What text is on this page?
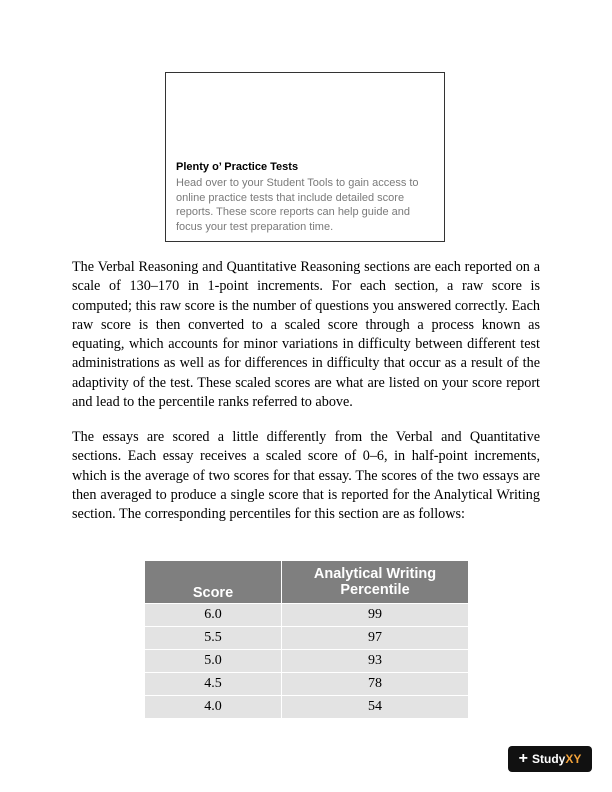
Plenty o’ Practice Tests
Head over to your Student Tools to gain access to online practice tests that include detailed score reports. These score reports can help guide and focus your test preparation time.

The Verbal Reasoning and Quantitative Reasoning sections are each reported on a scale of 130–170 in 1-point increments. For each section, a raw score is computed; this raw score is the number of questions you answered correctly. Each raw score is then converted to a scaled score through a process known as equating, which accounts for minor variations in difficulty between different test administrations as well as for differences in difficulty that occur as a result of the adaptivity of the test. These scaled scores are what are listed on your score report and lead to the percentile ranks referred to above.

The essays are scored a little differently from the Verbal and Quantitative sections. Each essay receives a scaled score of 0–6, in half-point increments, which is the average of two scores for that essay. The scores of the two essays are then averaged to produce a single score that is reported for the Analytical Writing section. The corresponding percentiles for this section are as follows:

Score	Analytical Writing Percentile
6.0	99
5.5	97
5.0	93
4.5	78
4.0	54
+ Study XY
